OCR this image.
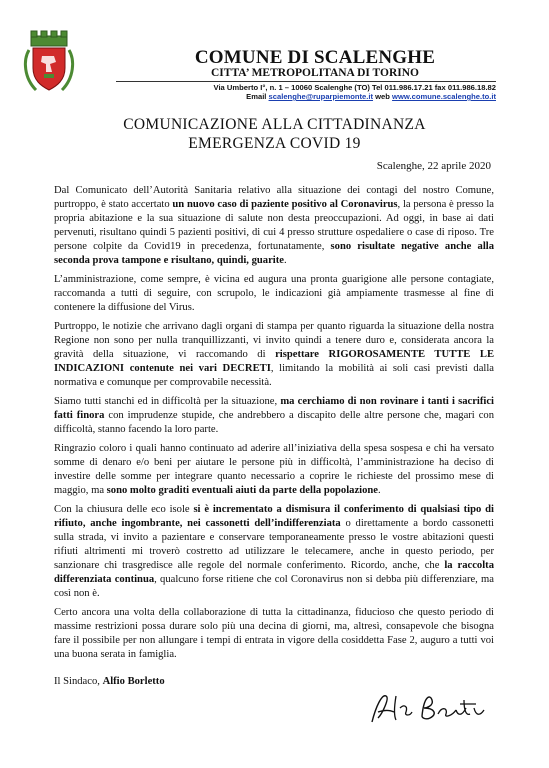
COMUNE DI SCALENGHE
CITTA’ METROPOLITANA DI TORINO
Via Umberto I°, n. 1 – 10060 Scalenghe (TO) Tel 011.986.17.21 fax 011.986.18.82
Email scalenghe@ruparpiemonte.it web www.comune.scalenghe.to.it
COMUNICAZIONE ALLA CITTADINANZA
EMERGENZA COVID 19
Scalenghe, 22 aprile 2020

Dal Comunicato dell’Autorità Sanitaria relativo alla situazione dei contagi del nostro Comune, purtroppo, è stato accertato un nuovo caso di paziente positivo al Coronavirus, la persona è presso la propria abitazione e la sua situazione di salute non desta preoccupazioni. Ad oggi, in base ai dati pervenuti, risultano quindi 5 pazienti positivi, di cui 4 presso strutture ospedaliere o case di riposo. Tre persone colpite da Covid19 in precedenza, fortunatamente, sono risultate negative anche alla seconda prova tampone e risultano, quindi, guarite.

L’amministrazione, come sempre, è vicina ed augura una pronta guarigione alle persone contagiate, raccomanda a tutti di seguire, con scrupolo, le indicazioni già ampiamente trasmesse al fine di contenere la diffusione del Virus.

Purtroppo, le notizie che arrivano dagli organi di stampa per quanto riguarda la situazione della nostra Regione non sono per nulla tranquillizzanti, vi invito quindi a tenere duro e, considerata ancora la gravità della situazione, vi raccomando di rispettare RIGOROSAMENTE TUTTE LE INDICAZIONI contenute nei vari DECRETI, limitando la mobilità ai soli casi previsti dalla normativa e comunque per comprovabile necessità.

Siamo tutti stanchi ed in difficoltà per la situazione, ma cerchiamo di non rovinare i tanti i sacrifici fatti finora con imprudenze stupide, che andrebbero a discapito delle altre persone che, magari con difficoltà, stanno facendo la loro parte.

Ringrazio coloro i quali hanno continuato ad aderire all’iniziativa della spesa sospesa e chi ha versato somme di denaro e/o beni per aiutare le persone più in difficoltà, l’amministrazione ha deciso di investire delle somme per integrare quanto necessario a coprire le richieste del prossimo mese di maggio, ma sono molto graditi eventuali aiuti da parte della popolazione.

Con la chiusura delle eco isole si è incrementato a dismisura il conferimento di qualsiasi tipo di rifiuto, anche ingombrante, nei cassonetti dell’indifferenziata o direttamente a bordo cassonetti sulla strada, vi invito a pazientare e conservare temporaneamente presso le vostre abitazioni questi rifiuti altrimenti mi troverò costretto ad utilizzare le telecamere, anche in questo periodo, per sanzionare chi trasgredisce alle regole del normale conferimento. Ricordo, anche, che la raccolta differenziata continua, qualcuno forse ritiene che col Coronavirus non si debba più differenziare, ma così non è.

Certo ancora una volta della collaborazione di tutta la cittadinanza, fiducioso che questo periodo di massime restrizioni possa durare solo più una decina di giorni, ma, altresì, consapevole che bisogna fare il possibile per non allungare i tempi di entrata in vigore della cosiddetta Fase 2, auguro a tutti voi una buona serata in famiglia.

Il Sindaco, Alfio Borletto
